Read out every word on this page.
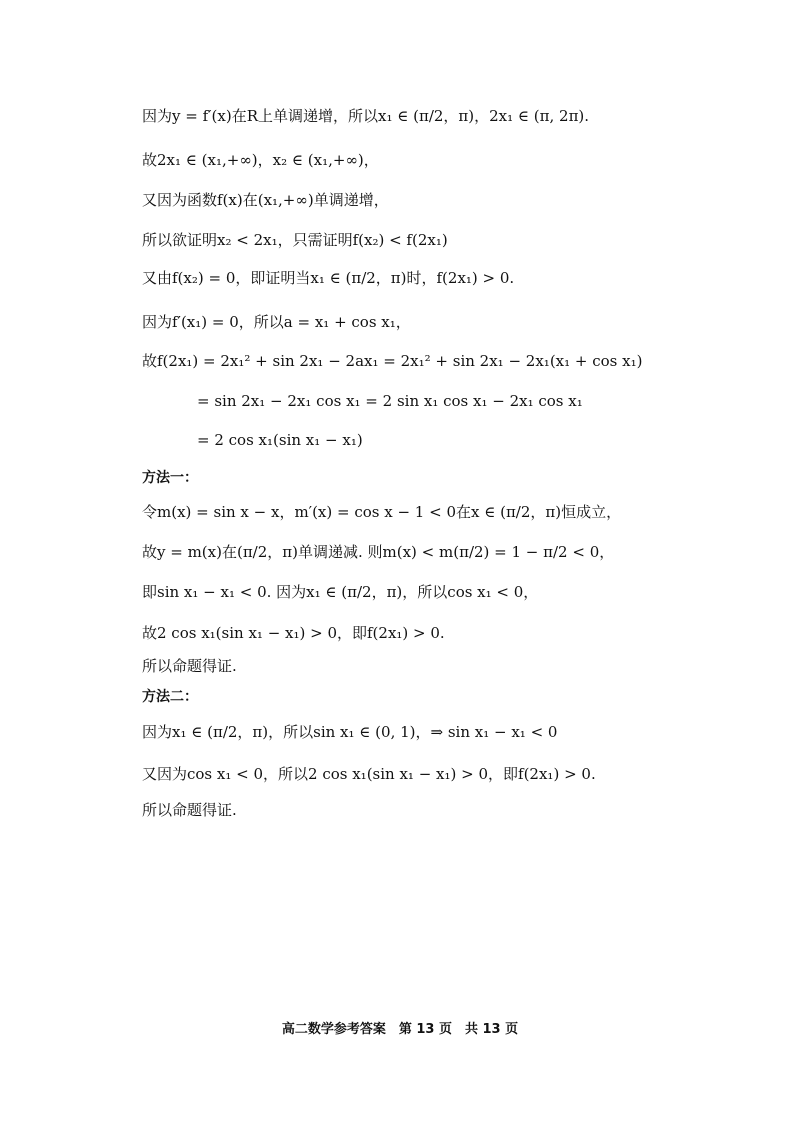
因为y = f′(x)在R上单调递增，所以x₁ ∈ (π/2，π)，2x₁ ∈ (π, 2π).
故2x₁ ∈ (x₁,+∞)，x₂ ∈ (x₁,+∞)，
又因为函数f(x)在(x₁,+∞)单调递增，
所以欲证明x₂ < 2x₁，只需证明f(x₂) < f(2x₁)
又由f(x₂) = 0，即证明当x₁ ∈ (π/2，π)时，f(2x₁) > 0.
因为f′(x₁) = 0，所以a = x₁ + cos x₁，
故f(2x₁) = 2x₁² + sin 2x₁ − 2ax₁ = 2x₁² + sin 2x₁ − 2x₁(x₁ + cos x₁)
= sin 2x₁ − 2x₁ cos x₁ = 2 sin x₁ cos x₁ − 2x₁ cos x₁
= 2 cos x₁(sin x₁ − x₁)
方法一：
令m(x) = sin x − x，m′(x) = cos x − 1 < 0在x ∈ (π/2，π)恒成立，
故y = m(x)在(π/2，π)单调递减. 则m(x) < m(π/2) = 1 − π/2 < 0，
即sin x₁ − x₁ < 0. 因为x₁ ∈ (π/2，π)，所以cos x₁ < 0，
故2 cos x₁(sin x₁ − x₁) > 0，即f(2x₁) > 0.
所以命题得证.
方法二：
因为x₁ ∈ (π/2，π)，所以sin x₁ ∈ (0, 1)，⇒ sin x₁ − x₁ < 0
又因为cos x₁ < 0，所以2 cos x₁(sin x₁ − x₁) > 0，即f(2x₁) > 0.
所以命题得证.
高二数学参考答案　第 13 页　共 13 页
